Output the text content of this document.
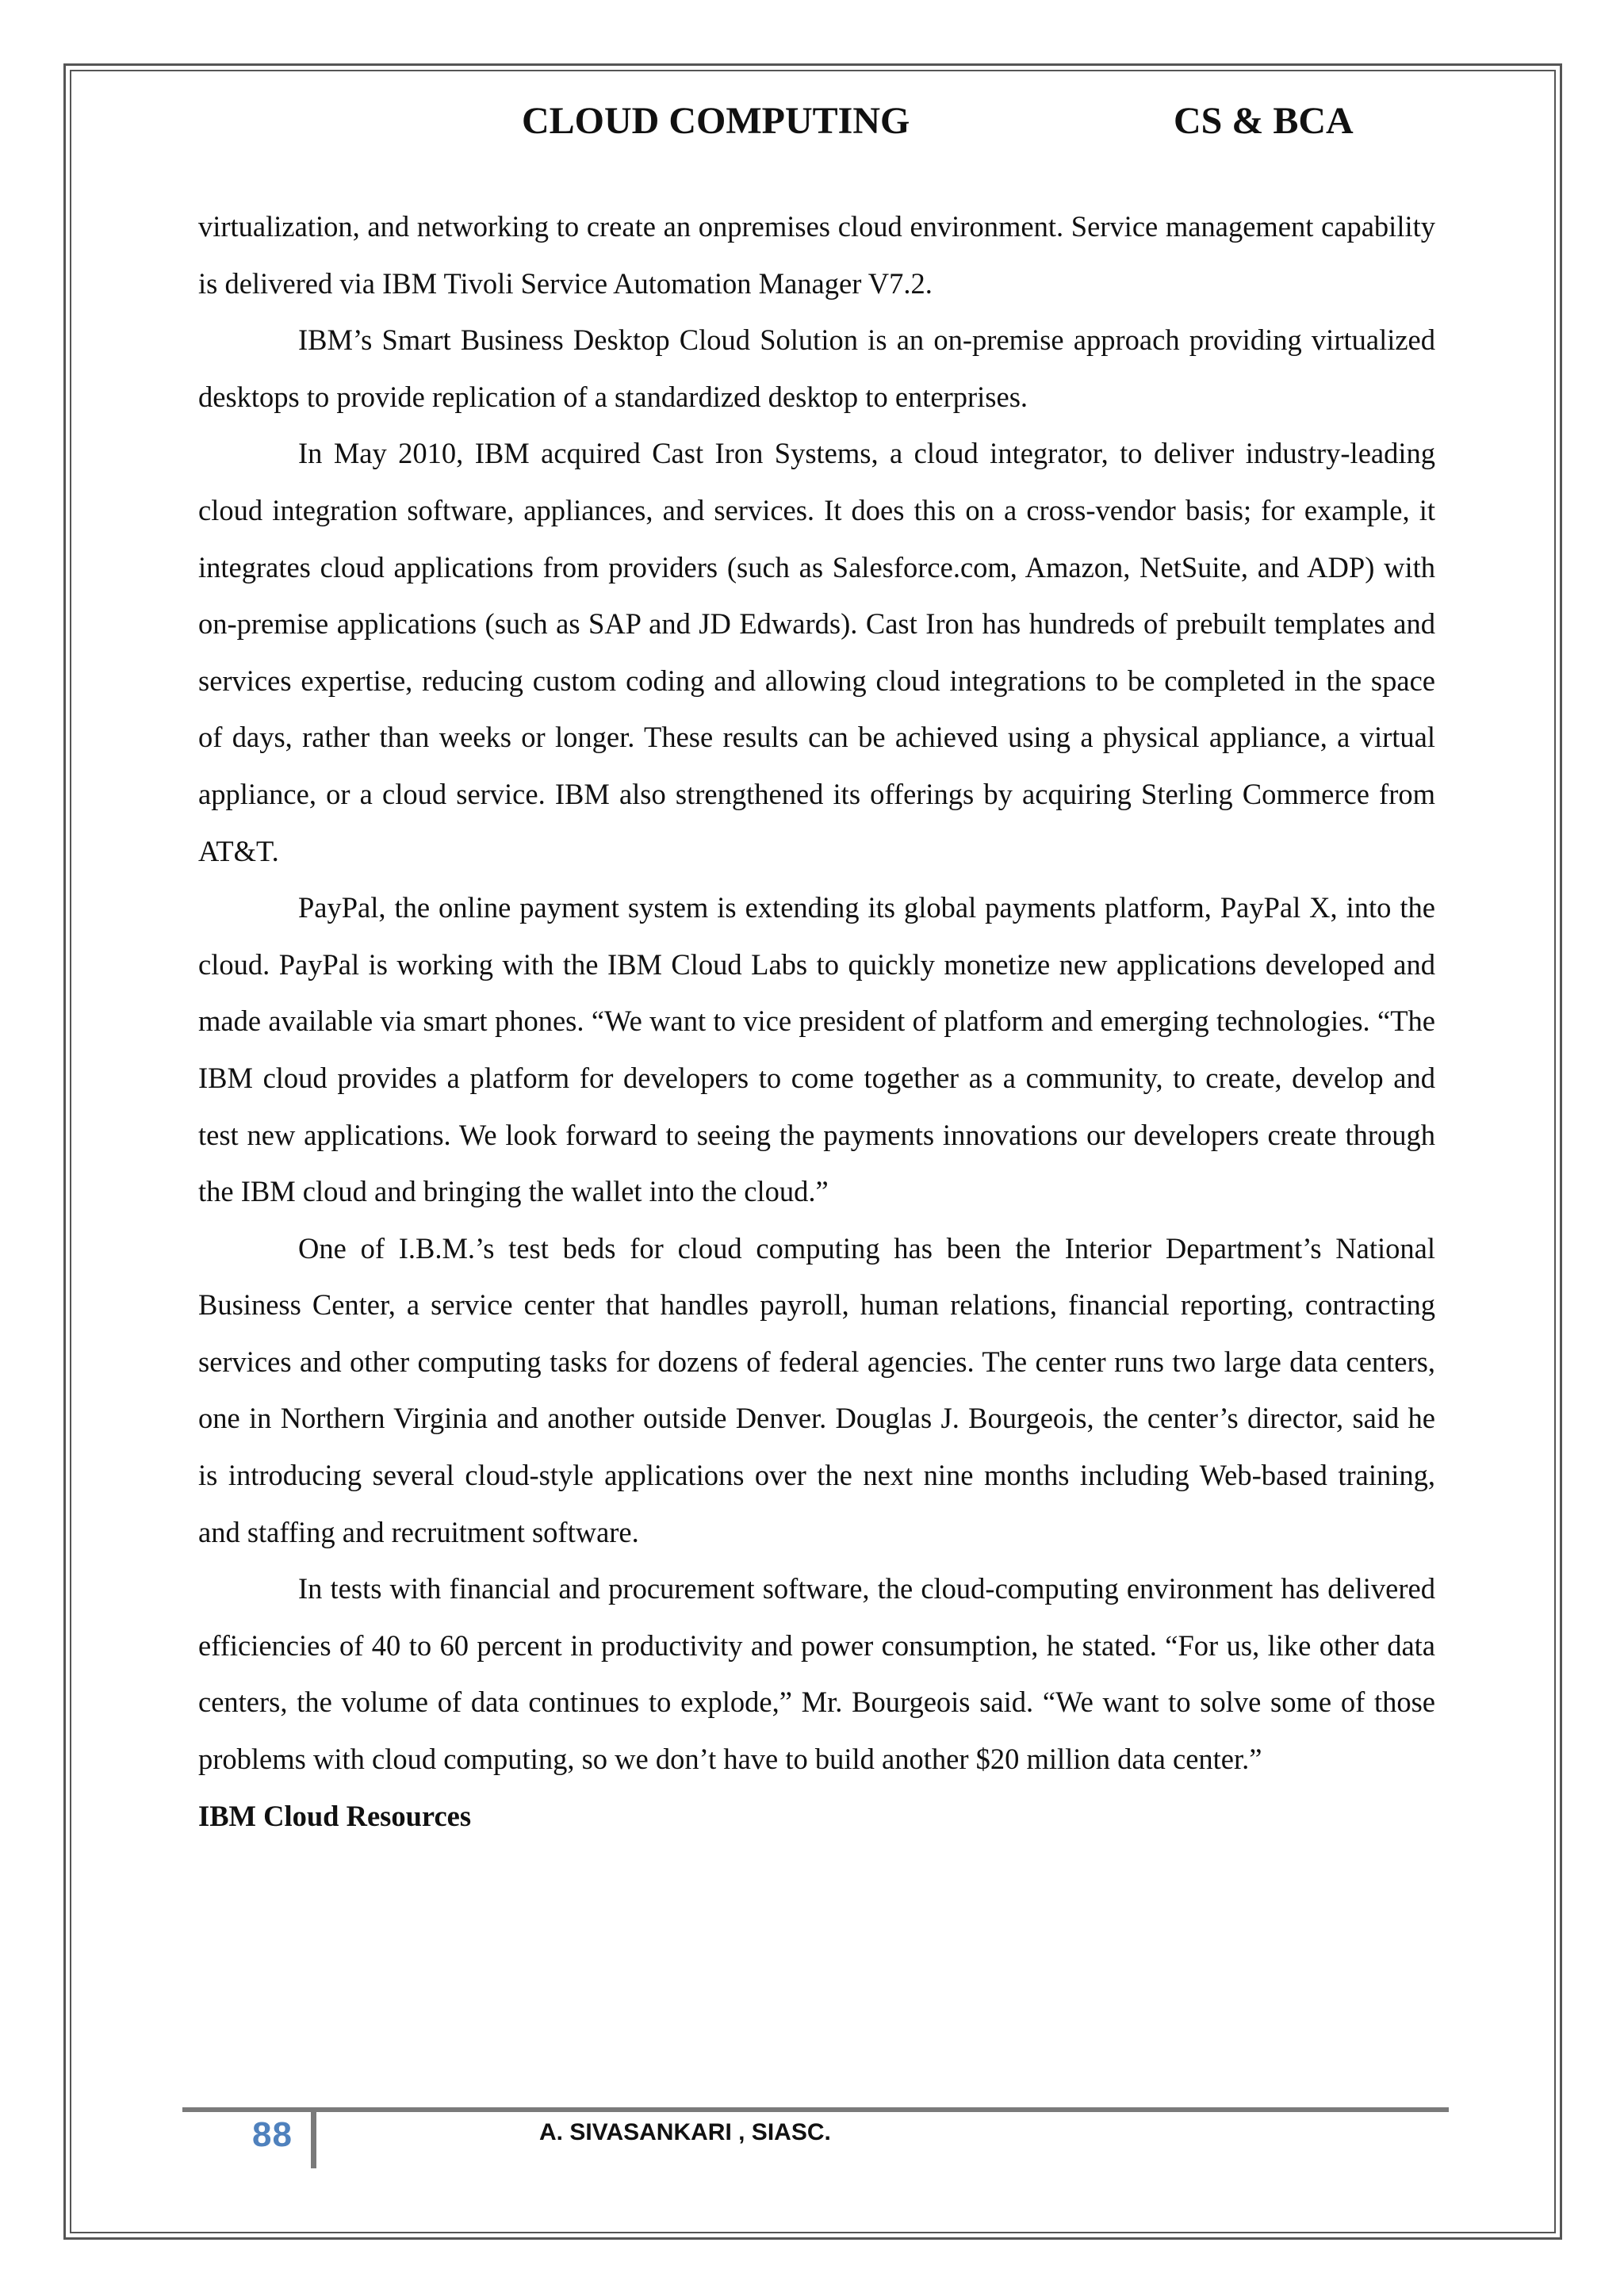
CLOUD COMPUTING	CS & BCA

virtualization, and networking to create an onpremises cloud environment. Service management capability is delivered via IBM Tivoli Service Automation Manager V7.2.

IBM’s Smart Business Desktop Cloud Solution is an on-premise approach providing virtualized desktops to provide replication of a standardized desktop to enterprises.

In May 2010, IBM acquired Cast Iron Systems, a cloud integrator, to deliver industry-leading cloud integration software, appliances, and services. It does this on a cross-vendor basis; for example, it integrates cloud applications from providers (such as Salesforce.com, Amazon, NetSuite, and ADP) with on-premise applications (such as SAP and JD Edwards). Cast Iron has hundreds of prebuilt templates and services expertise, reducing custom coding and allowing cloud integrations to be completed in the space of days, rather than weeks or longer. These results can be achieved using a physical appliance, a virtual appliance, or a cloud service. IBM also strengthened its offerings by acquiring Sterling Commerce from AT&T.

PayPal, the online payment system is extending its global payments platform, PayPal X, into the cloud. PayPal is working with the IBM Cloud Labs to quickly monetize new applications developed and made available via smart phones. “We want to vice president of platform and emerging technologies. “The IBM cloud provides a platform for developers to come together as a community, to create, develop and test new applications. We look forward to seeing the payments innovations our developers create through the IBM cloud and bringing the wallet into the cloud.”

One of I.B.M.’s test beds for cloud computing has been the Interior Department’s National Business Center, a service center that handles payroll, human relations, financial reporting, contracting services and other computing tasks for dozens of federal agencies. The center runs two large data centers, one in Northern Virginia and another outside Denver. Douglas J. Bourgeois, the center’s director, said he is introducing several cloud-style applications over the next nine months including Web-based training, and staffing and recruitment software.

In tests with financial and procurement software, the cloud-computing environment has delivered efficiencies of 40 to 60 percent in productivity and power consumption, he stated. “For us, like other data centers, the volume of data continues to explode,” Mr. Bourgeois said. “We want to solve some of those problems with cloud computing, so we don’t have to build another $20 million data center.”

IBM Cloud Resources

88	A. SIVASANKARI , SIASC.
